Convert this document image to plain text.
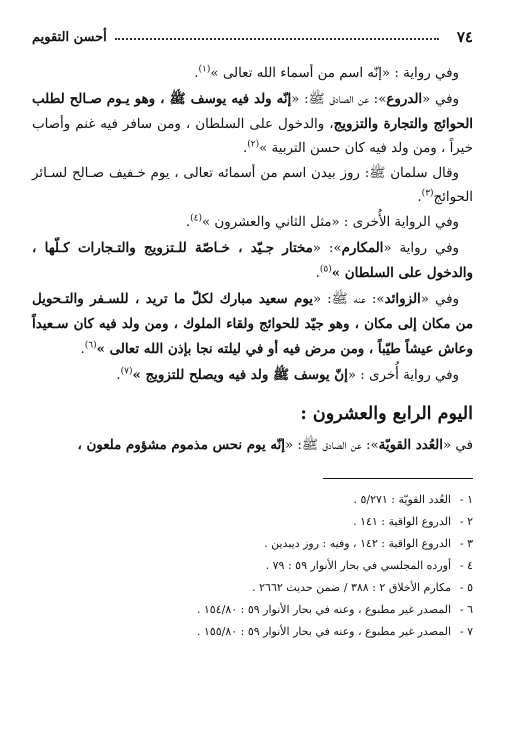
٧٤
أحسن التقويم

وفي رواية : «إنّه اسم من أسماء الله تعالى »$^{(١)}$.

وفي «الدروع»: عن الصادق ﷺ: «إنّه ولد فيه يوسف ﷺ ، وهو يـوم صـالح لطلب الحوائج والتجارة والتزويج، والدخول على السلطان ، ومن سافر فيه غنم وأصاب خيراً ، ومن ولد فيه كان حسن التربية »$^{(٢)}$.

وقال سلمان ﷺ: روز بيدن اسم من أسمائه تعالى ، يوم خـفيف صـالح لسـائر الحوائج$^{(٣)}$.

وفي الرواية الأُخرى : «مثل الثاني والعشرون »$^{(٤)}$.

وفي رواية «المكارم»: «مختار جـيّد ، خـاصّة للـتزويج والتـجارات كـلّها ، والدخول على السلطان »$^{(٥)}$.

وفي «الزوائد»: عنه ﷺ: «يوم سعيد مبارك لكلّ ما تريد ، للسـفر والتـحويل من مكان إلى مكان ، وهو جيّد للحوائج ولقاء الملوك ، ومن ولد فيه كان سـعيداً وعاش عيشاً طيّباً ، ومن مرض فيه أو في ليلته نجا بإذن الله تعالى »$^{(٦)}$.

وفي رواية أُخرى : «إنّ يوسف ﷺ ولد فيه ويصلح للتزويج »$^{(٧)}$.

اليوم الرابع والعشرون :

في «العُدد القويّة»: عن الصادق ﷺ: «إنّه يوم نحس مذموم مشؤوم ملعون ،

١ -
العُدد القويّة : ٥/٢٧١ .
٢ -
الدروع الواقية : ١٤١ .
٣ -
الدروع الواقية : ١٤٢ ، وفيه : روز ديبدين .
٤ -
أورده المجلسي في بحار الأنوار ٥٩ : ٧٩ .
٥ -
مكارم الأخلاق ٢ : ٣٨٨ / ضمن حديث ٢٦٦٢ .
٦ -
المصدر غير مطبوع ، وعنه في بحار الأنوار ٥٩ : ١٥٤/٨٠ .
٧ -
المصدر غير مطبوع ، وعنه في بحار الأنوار ٥٩ : ١٥٥/٨٠ .
